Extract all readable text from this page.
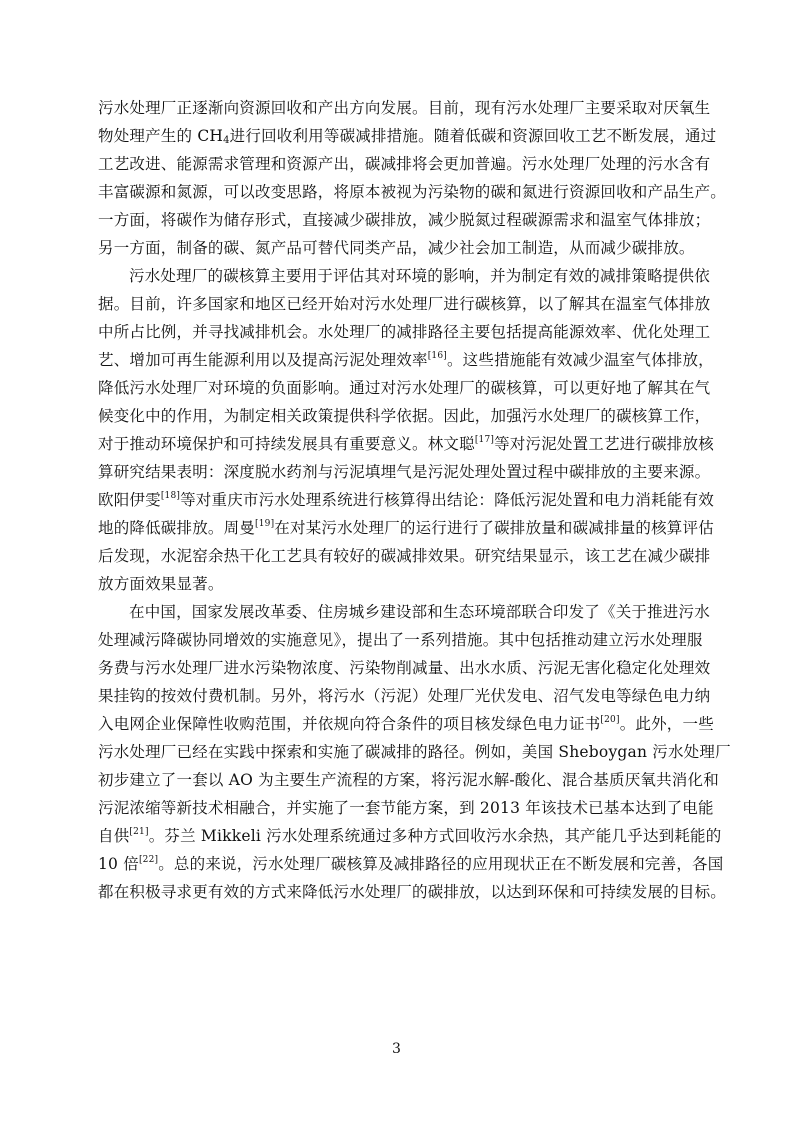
污水处理厂正逐渐向资源回收和产出方向发展。目前，现有污水处理厂主要采取对厌氧生
物处理产生的 $CH_4$进行回收利用等碳减排措施。随着低碳和资源回收工艺不断发展，通过
工艺改进、能源需求管理和资源产出，碳减排将会更加普遍。污水处理厂处理的污水含有
丰富碳源和氮源，可以改变思路，将原本被视为污染物的碳和氮进行资源回收和产品生产。
一方面，将碳作为储存形式，直接减少碳排放，减少脱氮过程碳源需求和温室气体排放；
另一方面，制备的碳、氮产品可替代同类产品，减少社会加工制造，从而减少碳排放。
污水处理厂的碳核算主要用于评估其对环境的影响，并为制定有效的减排策略提供依
据。目前，许多国家和地区已经开始对污水处理厂进行碳核算，以了解其在温室气体排放
中所占比例，并寻找减排机会。水处理厂的减排路径主要包括提高能源效率、优化处理工
艺、增加可再生能源利用以及提高污泥处理效率[16]。这些措施能有效减少温室气体排放，
降低污水处理厂对环境的负面影响。通过对污水处理厂的碳核算，可以更好地了解其在气
候变化中的作用，为制定相关政策提供科学依据。因此，加强污水处理厂的碳核算工作，
对于推动环境保护和可持续发展具有重要意义。林文聪[17]等对污泥处置工艺进行碳排放核
算研究结果表明：深度脱水药剂与污泥填埋气是污泥处理处置过程中碳排放的主要来源。
欧阳伊雯[18]等对重庆市污水处理系统进行核算得出结论：降低污泥处置和电力消耗能有效
地的降低碳排放。周曼[19]在对某污水处理厂的运行进行了碳排放量和碳减排量的核算评估
后发现，水泥窑余热干化工艺具有较好的碳减排效果。研究结果显示，该工艺在减少碳排
放方面效果显著。
在中国，国家发展改革委、住房城乡建设部和生态环境部联合印发了《关于推进污水
处理减污降碳协同增效的实施意见》，提出了一系列措施。其中包括推动建立污水处理服
务费与污水处理厂进水污染物浓度、污染物削减量、出水水质、污泥无害化稳定化处理效
果挂钩的按效付费机制。另外，将污水（污泥）处理厂光伏发电、沼气发电等绿色电力纳
入电网企业保障性收购范围，并依规向符合条件的项目核发绿色电力证书[20]。此外，一些
污水处理厂已经在实践中探索和实施了碳减排的路径。例如，美国 Sheboygan 污水处理厂
初步建立了一套以 AO 为主要生产流程的方案，将污泥水解-酸化、混合基质厌氧共消化和
污泥浓缩等新技术相融合，并实施了一套节能方案，到 2013 年该技术已基本达到了电能
自供[21]。芬兰 Mikkeli 污水处理系统通过多种方式回收污水余热，其产能几乎达到耗能的
10 倍[22]。总的来说，污水处理厂碳核算及减排路径的应用现状正在不断发展和完善，各国
都在积极寻求更有效的方式来降低污水处理厂的碳排放，以达到环保和可持续发展的目标。
3
